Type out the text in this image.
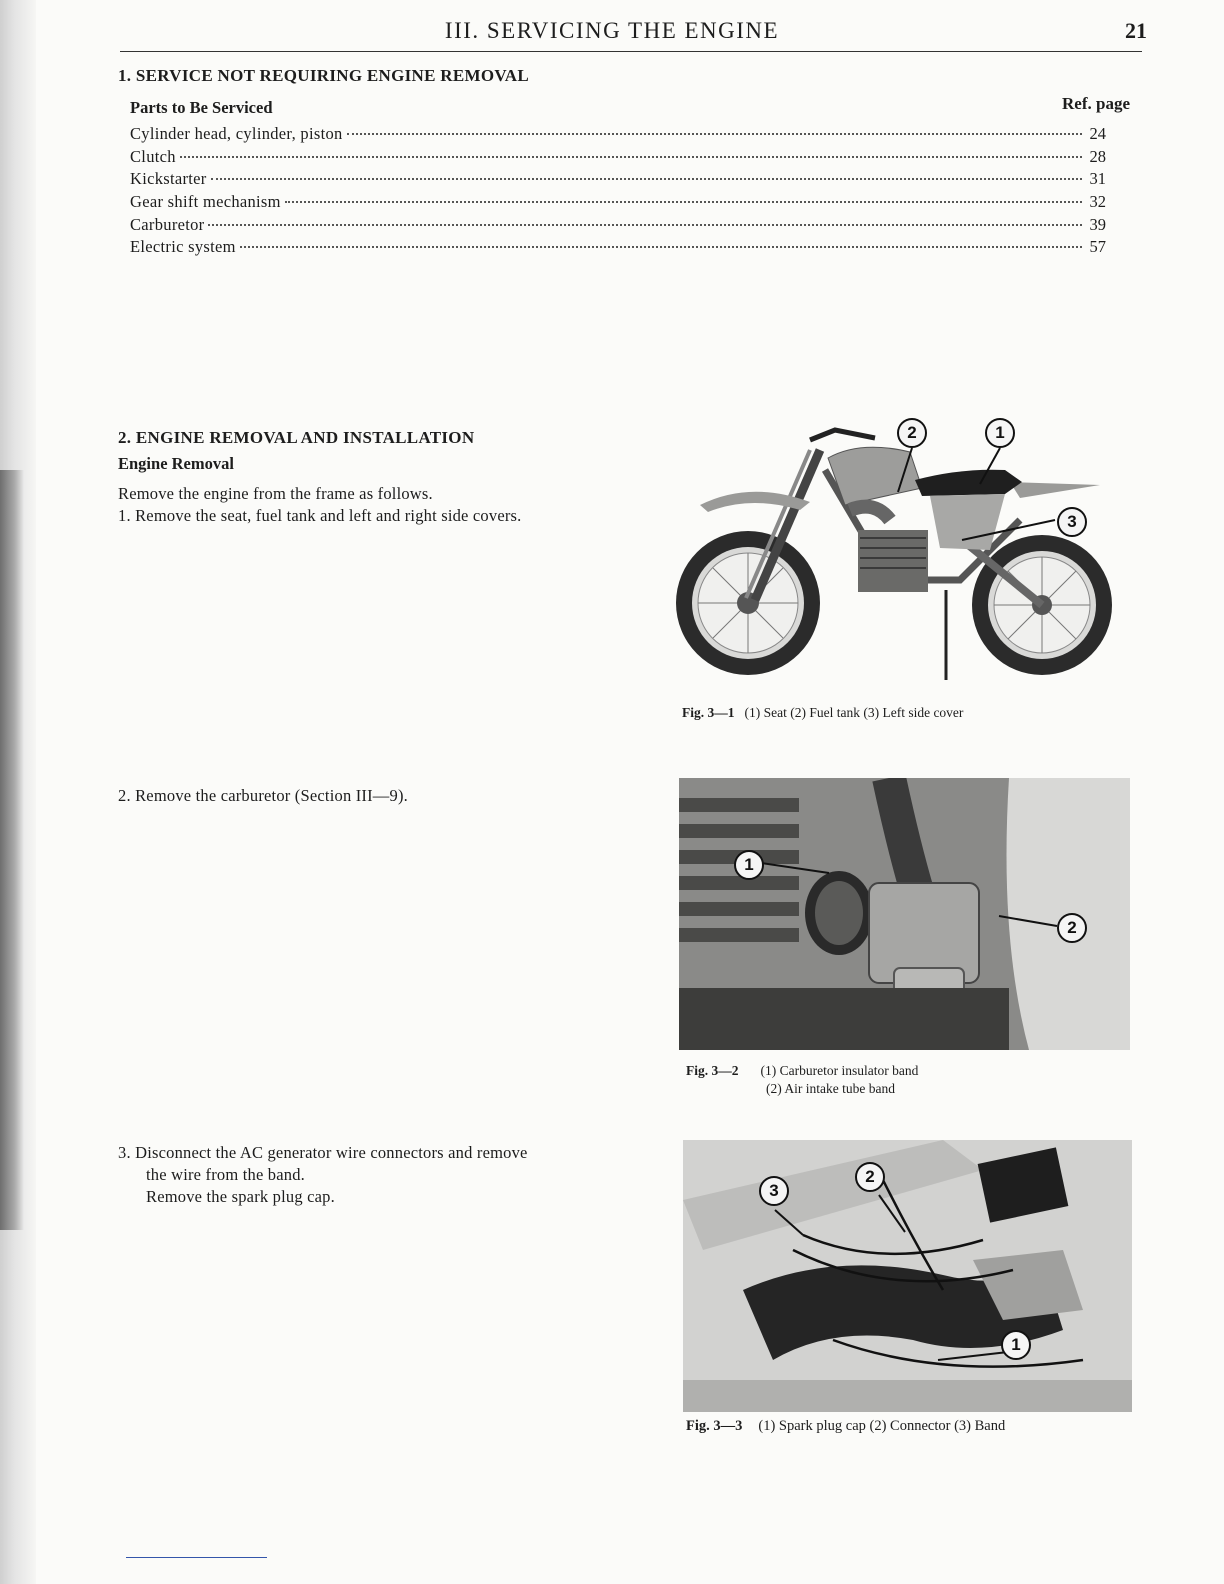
III. SERVICING THE ENGINE	21
1. SERVICE NOT REQUIRING ENGINE REMOVAL
Parts to Be Serviced	Ref. page
Cylinder head, cylinder, piston	24
Clutch	28
Kickstarter	31
Gear shift mechanism	32
Carburetor	39
Electric system	57
2. ENGINE REMOVAL AND INSTALLATION
Engine Removal
Remove the engine from the frame as follows.
1. Remove the seat, fuel tank and left and right side covers.
2. Remove the carburetor (Section III—9).
3. Disconnect the AC generator wire connectors and remove
the wire from the band.
Remove the spark plug cap.
2	1
3
Fig. 3—1 (1) Seat (2) Fuel tank (3) Left side cover
1
2
Fig. 3—2 (1) Carburetor insulator band
(2) Air intake tube band
3
2
1
Fig. 3—3 (1) Spark plug cap (2) Connector (3) Band
